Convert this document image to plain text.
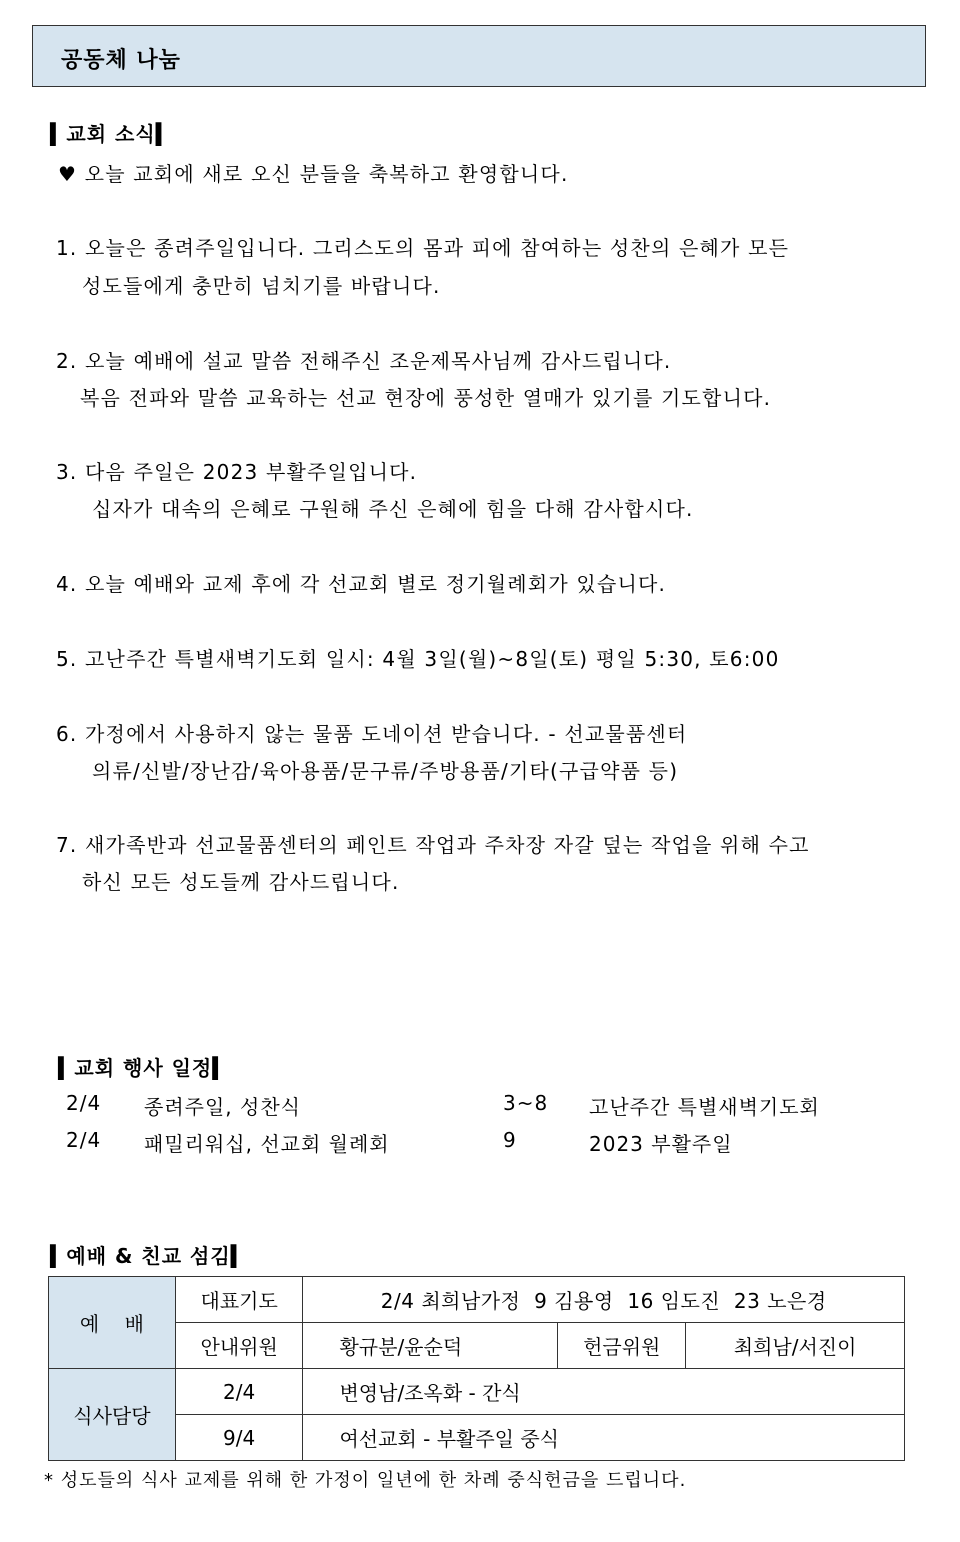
공동체 나눔
▍교회 소식▍
♥ 오늘 교회에 새로 오신 분들을 축복하고 환영합니다.
1. 오늘은 종려주일입니다. 그리스도의 몸과 피에 참여하는 성찬의 은혜가 모든
성도들에게 충만히 넘치기를 바랍니다.
2. 오늘 예배에 설교 말씀 전해주신 조운제목사님께 감사드립니다.
복음 전파와 말씀 교육하는 선교 현장에 풍성한 열매가 있기를 기도합니다.
3. 다음 주일은 2023 부활주일입니다.
십자가 대속의 은혜로 구원해 주신 은혜에 힘을 다해 감사합시다.
4. 오늘 예배와 교제 후에 각 선교회 별로 정기월례회가 있습니다.
5. 고난주간 특별새벽기도회 일시: 4월 3일(월)~8일(토) 평일 5:30, 토6:00
6. 가정에서 사용하지 않는 물품 도네이션 받습니다. - 선교물품센터
의류/신발/장난감/육아용품/문구류/주방용품/기타(구급약품 등)
7. 새가족반과 선교물품센터의 페인트 작업과 주차장 자갈 덮는 작업을 위해 수고
하신 모든 성도들께 감사드립니다.
▍교회 행사 일정▍
2/4 종려주일, 성찬식	3~8 고난주간 특별새벽기도회
2/4 패밀리워십, 선교회 월례회	9	2023 부활주일
▍예배 & 친교 섬김▍
예    배	대표기도	2/4 최희남가정  9 김용영  16 임도진  23 노은경		
	안내위원	황규분/윤순덕	헌금위원	최희남/서진이
식사담당	2/4	변영남/조옥화 - 간식		
	9/4	여선교회 - 부활주일 중식		
* 성도들의 식사 교제를 위해 한 가정이 일년에 한 차례 중식헌금을 드립니다.
